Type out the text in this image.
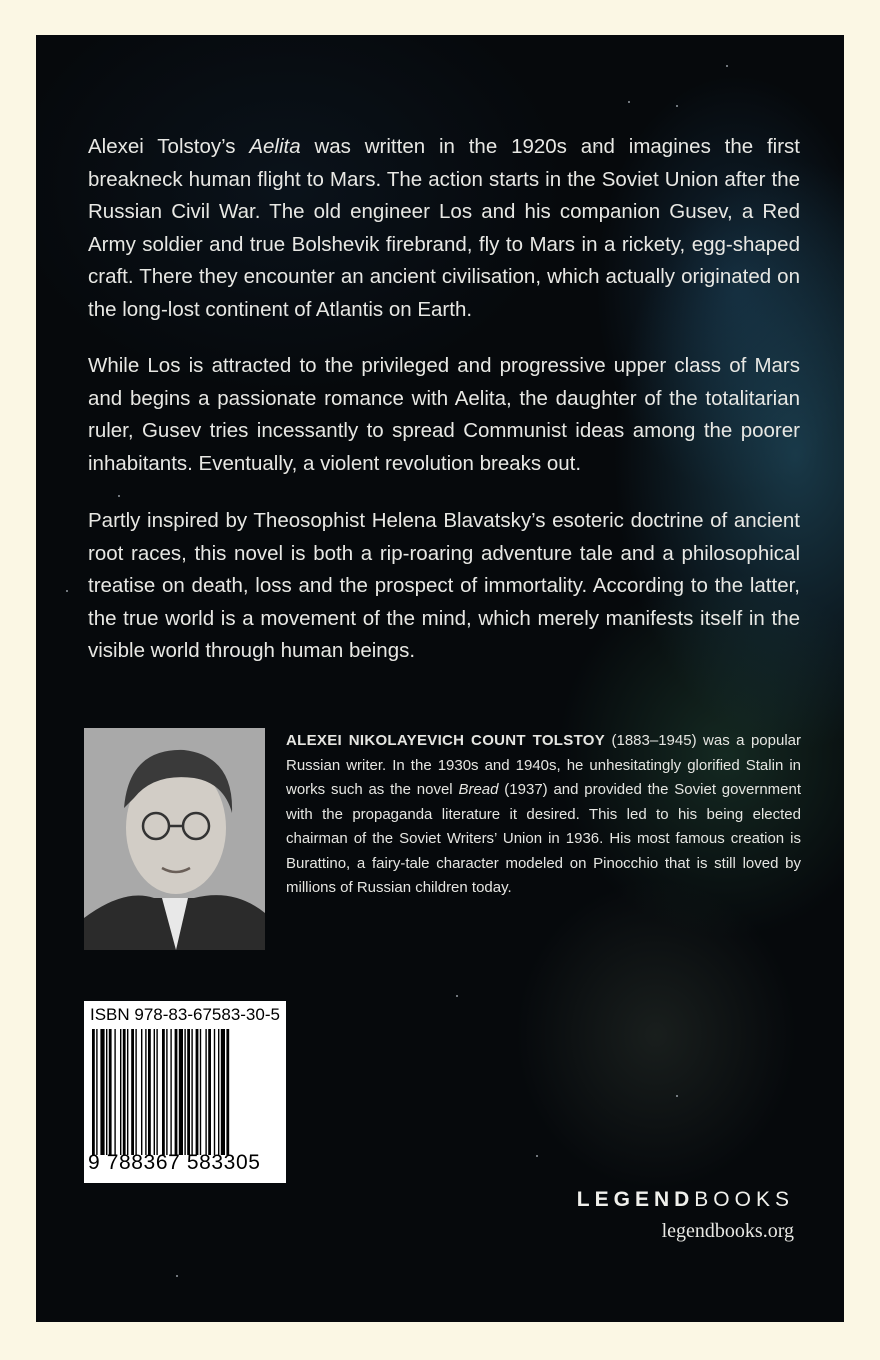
Alexei Tolstoy’s Aelita was written in the 1920s and imagines the first breakneck human flight to Mars. The action starts in the Soviet Union after the Russian Civil War. The old engineer Los and his companion Gusev, a Red Army soldier and true Bolshevik firebrand, fly to Mars in a rickety, egg-shaped craft. There they encounter an ancient civilisation, which actually originated on the long-lost continent of Atlantis on Earth.

While Los is attracted to the privileged and progressive upper class of Mars and begins a passionate romance with Aelita, the daughter of the totalitarian ruler, Gusev tries incessantly to spread Communist ideas among the poorer inhabitants. Eventually, a violent revolution breaks out.

Partly inspired by Theosophist Helena Blavatsky’s esoteric doctrine of ancient root races, this novel is both a rip-roaring adventure tale and a philosophical treatise on death, loss and the prospect of immortality. According to the latter, the true world is a movement of the mind, which merely manifests itself in the visible world through human beings.

ALEXEI NIKOLAYEVICH COUNT TOLSTOY (1883–1945) was a popular Russian writer. In the 1930s and 1940s, he unhesitatingly glorified Stalin in works such as the novel Bread (1937) and provided the Soviet government with the propaganda literature it desired. This led to his being elected chairman of the Soviet Writers’ Union in 1936. His most famous creation is Burattino, a fairy-tale character modeled on Pinocchio that is still loved by millions of Russian children today.

ISBN 978-83-67583-30-5
9 788367 583305
LEGENDBOOKS
legendbooks.org
